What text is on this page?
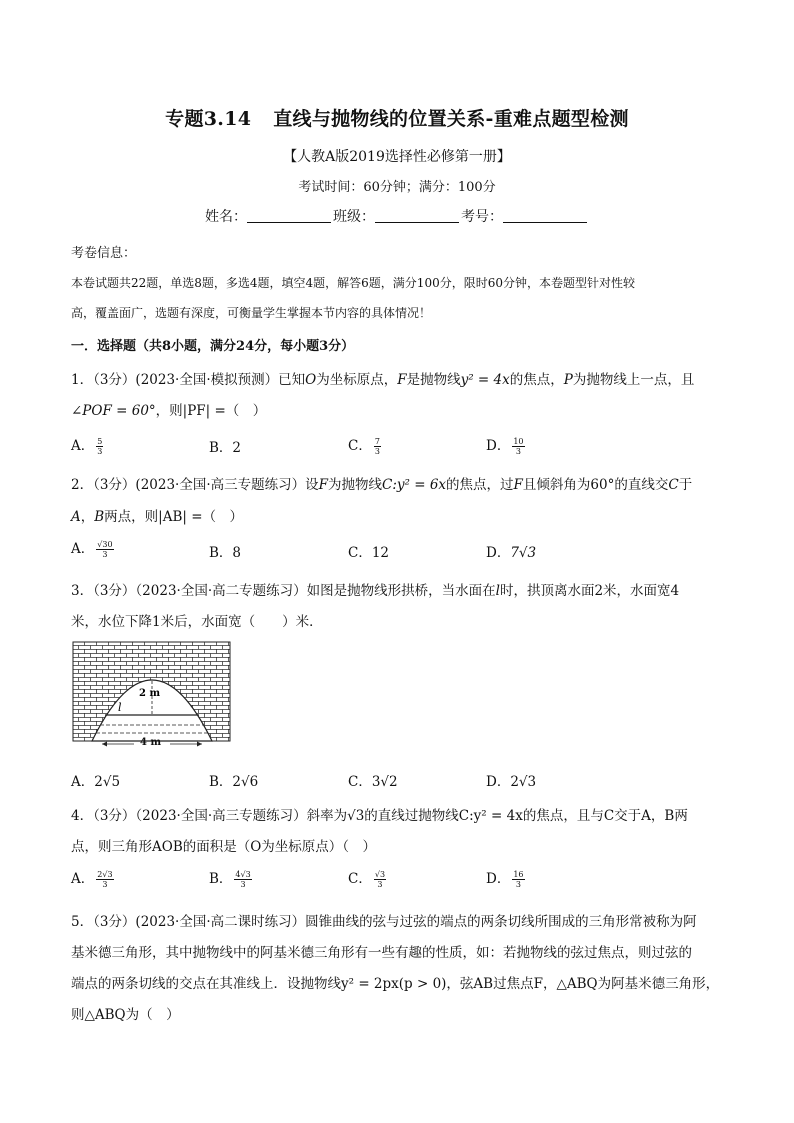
专题3.14 直线与抛物线的位置关系-重难点题型检测
【人教A版2019选择性必修第一册】
考试时间：60分钟；满分：100分
姓名：	班级：	考号：
考卷信息：
本卷试题共22题，单选8题，多选4题，填空4题，解答6题，满分100分，限时60分钟，本卷题型针对性较
高，覆盖面广，选题有深度，可衡量学生掌握本节内容的具体情况！
一．选择题（共8小题，满分24分，每小题3分）
1．（3分）(2023·全国·模拟预测）已知O为坐标原点，F是抛物线y² = 4x的焦点，P为抛物线上一点，且
∠POF = 60°，则|PF| =（　）
A． $\frac{5}{3}$	B．2	C． $\frac{7}{3}$	D． $\frac{10}{3}$
2．（3分）(2023·全国·高三专题练习）设F为抛物线C:y² = 6x的焦点，过F且倾斜角为60°的直线交C于
A，B两点，则|AB| =（　）
A． $\frac{√30}{3}$	B．8	C．12	D．7√3
3．（3分）（2023·全国·高二专题练习）如图是抛物线形拱桥，当水面在l时，拱顶离水面2米，水面宽4
米，水位下降1米后，水面宽（　　）米．
2 m
l
4 m
A．2√5	B．2√6	C．3√2	D．2√3
4．（3分）（2023·全国·高三专题练习）斜率为√3的直线过抛物线C:y² = 4x的焦点，且与C交于A，B两
点，则三角形AOB的面积是（O为坐标原点）（　）
A． $\frac{2√3}{3}$	B． $\frac{4√3}{3}$	C． $\frac{√3}{3}$	D． $\frac{16}{3}$
5．（3分）(2023·全国·高二课时练习）圆锥曲线的弦与过弦的端点的两条切线所围成的三角形常被称为阿
基米德三角形，其中抛物线中的阿基米德三角形有一些有趣的性质，如：若抛物线的弦过焦点，则过弦的
端点的两条切线的交点在其准线上．设抛物线y² = 2px(p > 0)，弦AB过焦点F，△ABQ为阿基米德三角形，
则△ABQ为（　）
